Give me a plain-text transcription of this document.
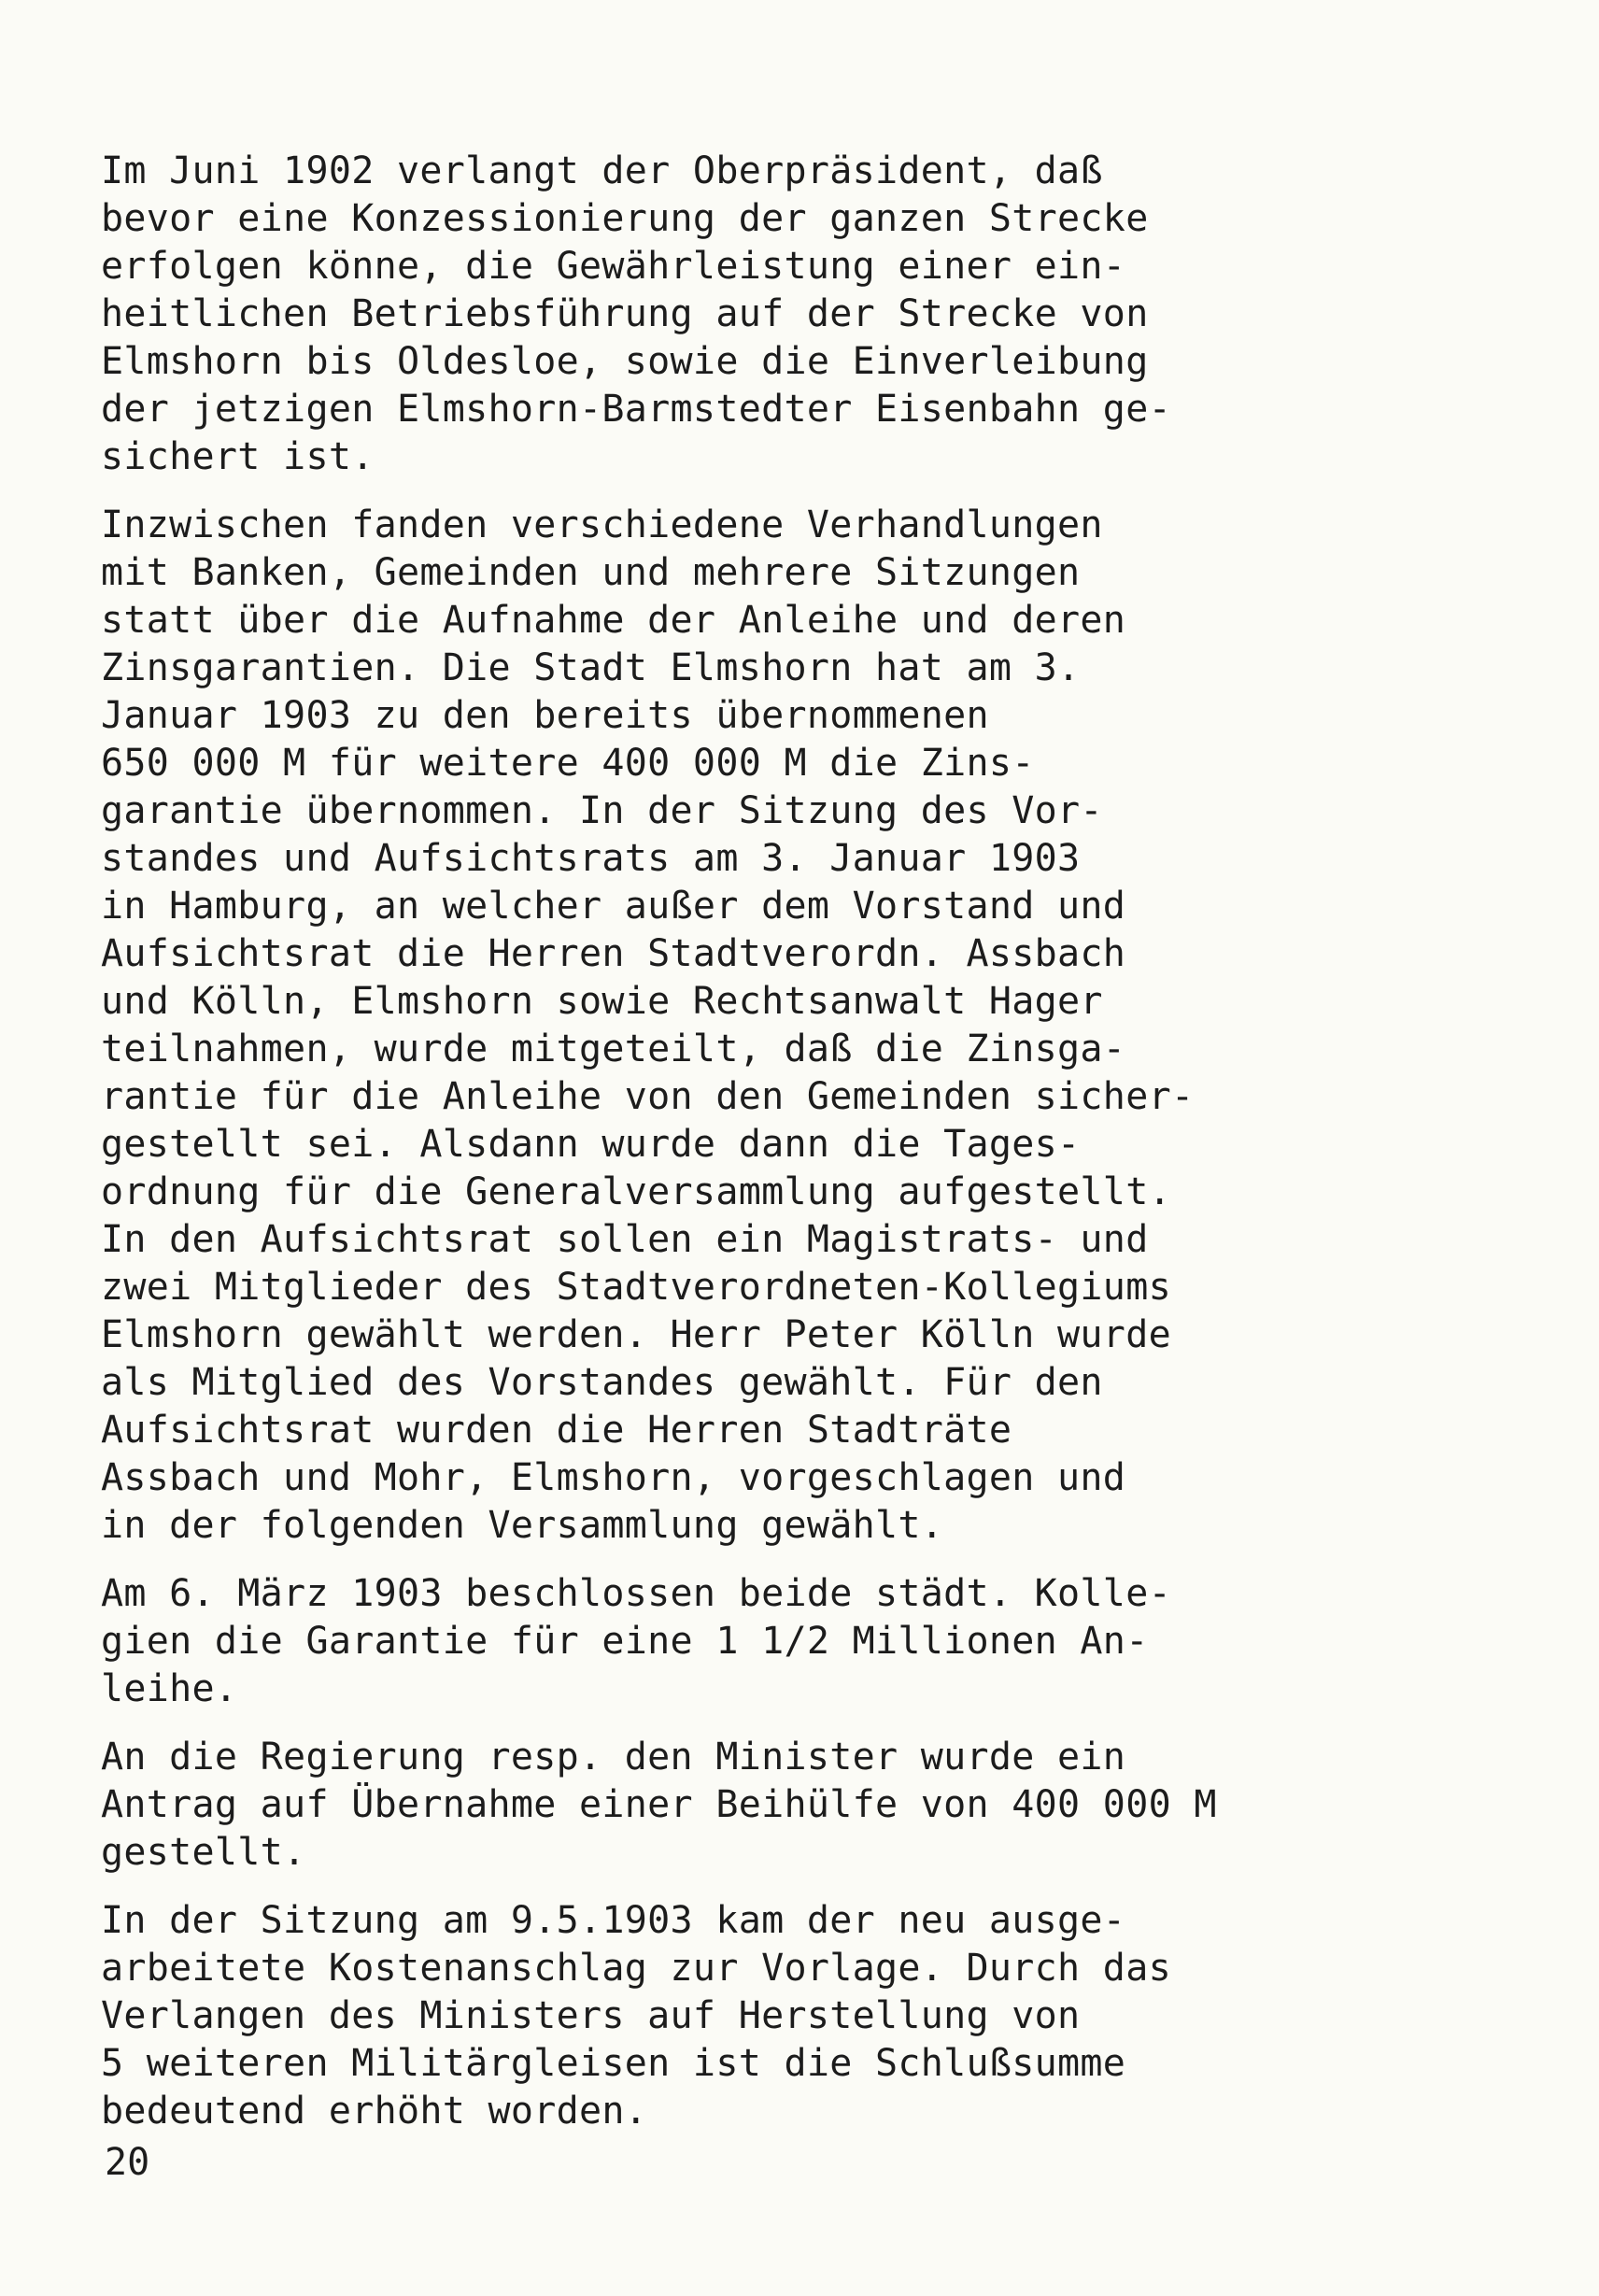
Im Juni 1902 verlangt der Oberpräsident, daß
bevor eine Konzessionierung der ganzen Strecke
erfolgen könne, die Gewährleistung einer ein-
heitlichen Betriebsführung auf der Strecke von
Elmshorn bis Oldesloe, sowie die Einverleibung
der jetzigen Elmshorn-Barmstedter Eisenbahn ge-
sichert ist.
Inzwischen fanden verschiedene Verhandlungen
mit Banken, Gemeinden und mehrere Sitzungen
statt über die Aufnahme der Anleihe und deren
Zinsgarantien. Die Stadt Elmshorn hat am 3.
Januar 1903 zu den bereits übernommenen
650 000 M für weitere 400 000 M die Zins-
garantie übernommen. In der Sitzung des Vor-
standes und Aufsichtsrats am 3. Januar 1903
in Hamburg, an welcher außer dem Vorstand und
Aufsichtsrat die Herren Stadtverordn. Assbach
und Kölln, Elmshorn sowie Rechtsanwalt Hager
teilnahmen, wurde mitgeteilt, daß die Zinsga-
rantie für die Anleihe von den Gemeinden sicher-
gestellt sei. Alsdann wurde dann die Tages-
ordnung für die Generalversammlung aufgestellt.
In den Aufsichtsrat sollen ein Magistrats- und
zwei Mitglieder des Stadtverordneten-Kollegiums
Elmshorn gewählt werden. Herr Peter Kölln wurde
als Mitglied des Vorstandes gewählt. Für den
Aufsichtsrat wurden die Herren Stadträte
Assbach und Mohr, Elmshorn, vorgeschlagen und
in der folgenden Versammlung gewählt.
Am 6. März 1903 beschlossen beide städt. Kolle-
gien die Garantie für eine 1 1/2 Millionen An-
leihe.
An die Regierung resp. den Minister wurde ein
Antrag auf Übernahme einer Beihülfe von 400 000 M
gestellt.
In der Sitzung am 9.5.1903 kam der neu ausge-
arbeitete Kostenanschlag zur Vorlage. Durch das
Verlangen des Ministers auf Herstellung von
5 weiteren Militärgleisen ist die Schlußsumme
bedeutend erhöht worden.
20
